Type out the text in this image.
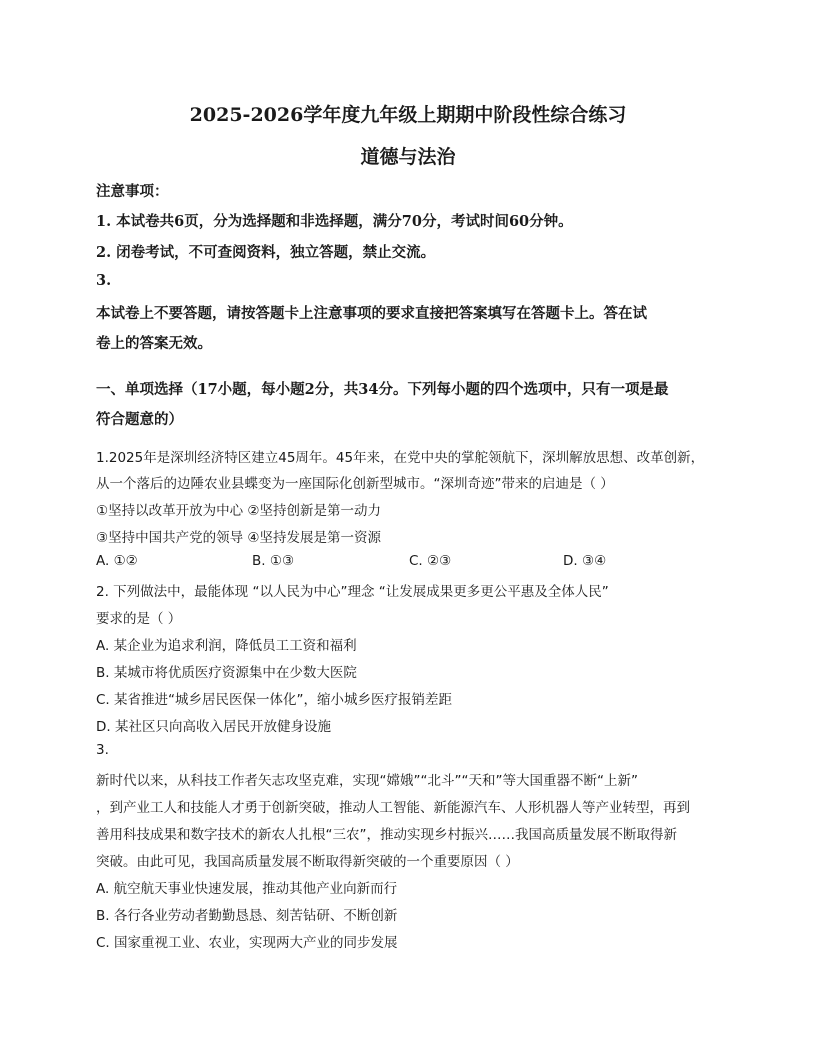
2025-2026学年度九年级上期期中阶段性综合练习
道德与法治
注意事项：
1. 本试卷共6页，分为选择题和非选择题，满分70分，考试时间60分钟。
2. 闭卷考试，不可查阅资料，独立答题，禁止交流。
3.
本试卷上不要答题，请按答题卡上注意事项的要求直接把答案填写在答题卡上。答在试
卷上的答案无效。
一、单项选择（17小题，每小题2分，共34分。下列每小题的四个选项中，只有一项是最
符合题意的）
1.2025年是深圳经济特区建立45周年。45年来，在党中央的掌舵领航下，深圳解放思想、改革创新，
从一个落后的边陲农业县蝶变为一座国际化创新型城市。“深圳奇迹”带来的启迪是（ ）
①坚持以改革开放为中心 ②坚持创新是第一动力
③坚持中国共产党的领导 ④坚持发展是第一资源
A. ①②	B. ①③	C. ②③	D. ③④
2. 下列做法中，最能体现 “以人民为中心”理念 “让发展成果更多更公平惠及全体人民”
要求的是（ ）
A. 某企业为追求利润，降低员工工资和福利
B. 某城市将优质医疗资源集中在少数大医院
C. 某省推进“城乡居民医保一体化”，缩小城乡医疗报销差距
D. 某社区只向高收入居民开放健身设施
3.
新时代以来，从科技工作者矢志攻坚克难，实现“嫦娥”“北斗”“天和”等大国重器不断“上新”
，到产业工人和技能人才勇于创新突破，推动人工智能、新能源汽车、人形机器人等产业转型，再到
善用科技成果和数字技术的新农人扎根“三农”，推动实现乡村振兴……我国高质量发展不断取得新
突破。由此可见，我国高质量发展不断取得新突破的一个重要原因（ ）
A. 航空航天事业快速发展，推动其他产业向新而行
B. 各行各业劳动者勤勤恳恳、刻苦钻研、不断创新
C. 国家重视工业、农业，实现两大产业的同步发展
